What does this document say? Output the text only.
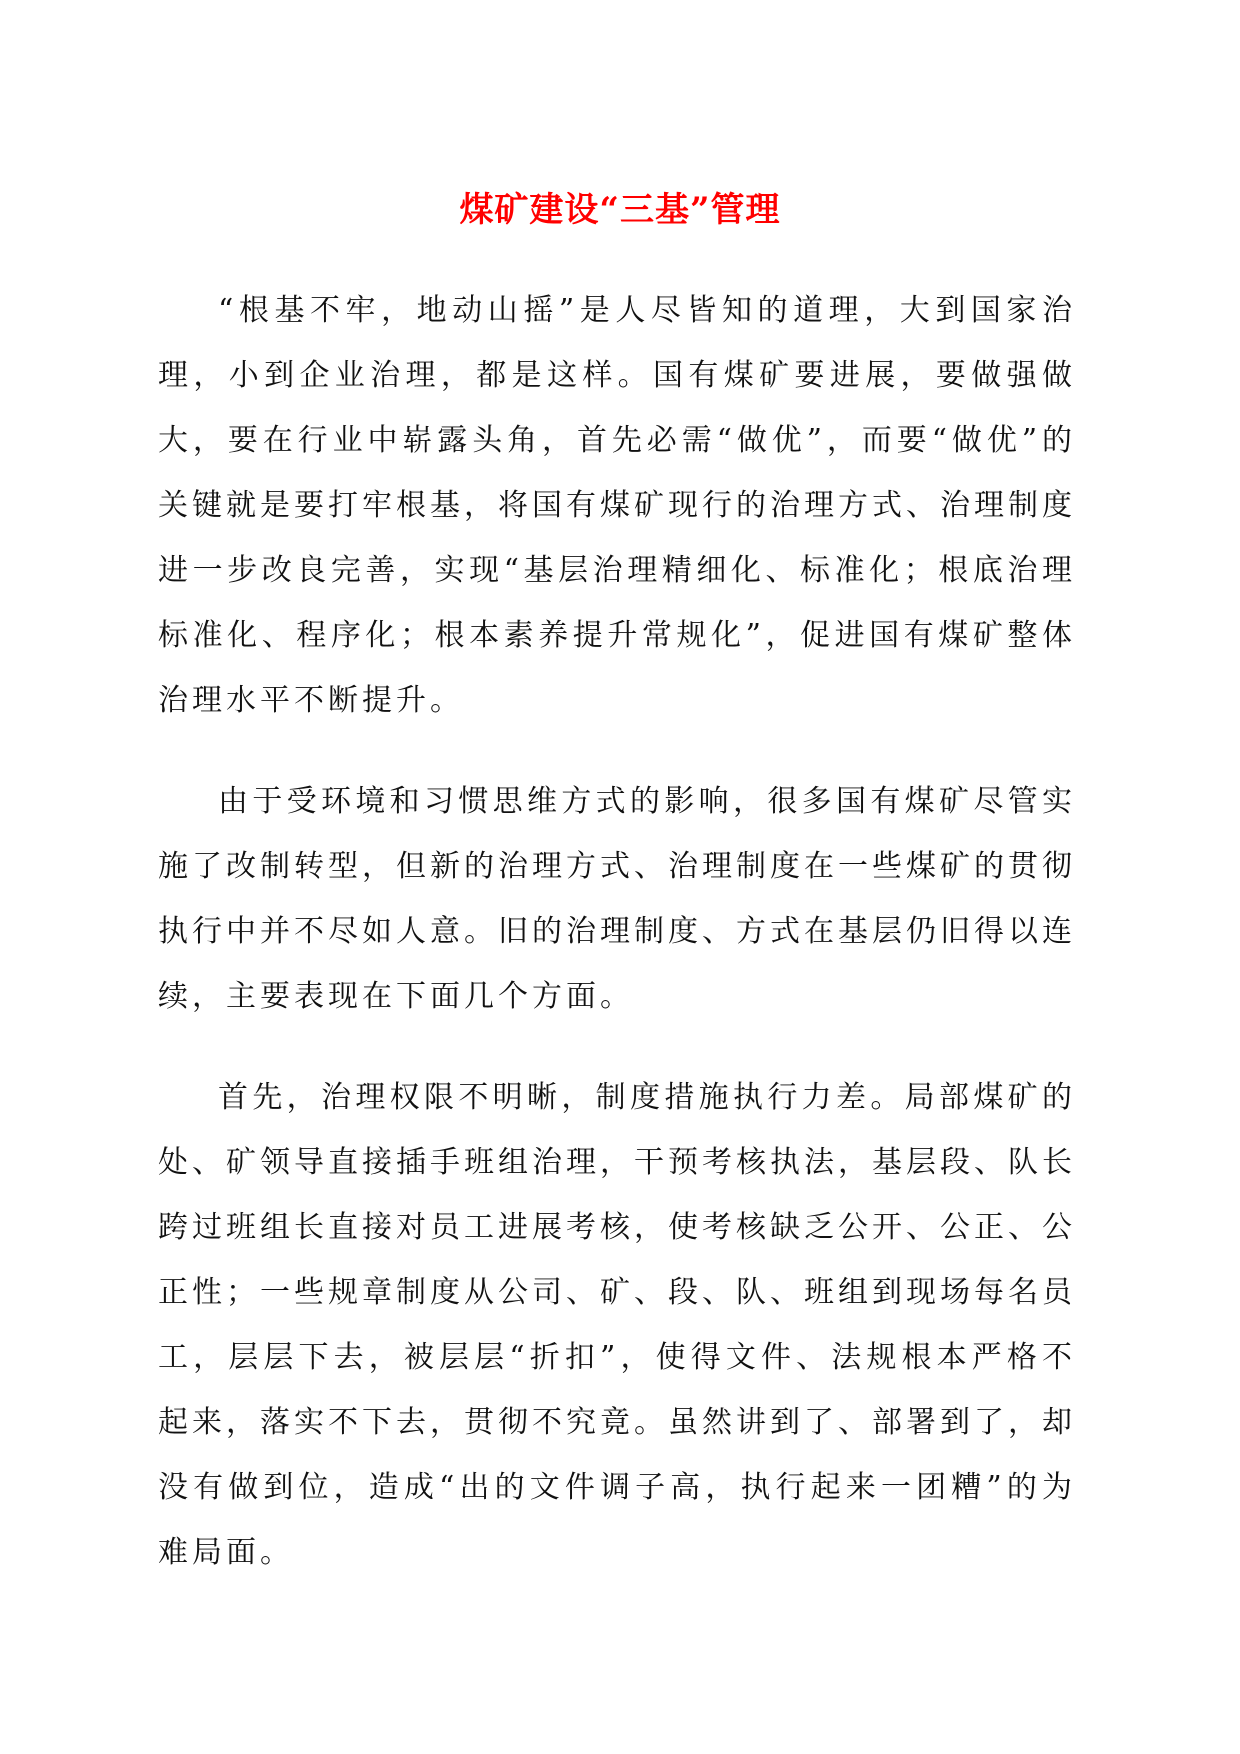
煤矿建设“三基”管理

“根基不牢，地动山摇”是人尽皆知的道理，大到国家治理，小到企业治理，都是这样。国有煤矿要进展，要做强做大，要在行业中崭露头角，首先必需“做优”，而要“做优”的关键就是要打牢根基，将国有煤矿现行的治理方式、治理制度进一步改良完善，实现“基层治理精细化、标准化；根底治理标准化、程序化；根本素养提升常规化”，促进国有煤矿整体治理水平不断提升。

由于受环境和习惯思维方式的影响，很多国有煤矿尽管实施了改制转型，但新的治理方式、治理制度在一些煤矿的贯彻执行中并不尽如人意。旧的治理制度、方式在基层仍旧得以连续，主要表现在下面几个方面。

首先，治理权限不明晰，制度措施执行力差。局部煤矿的处、矿领导直接插手班组治理，干预考核执法，基层段、队长跨过班组长直接对员工进展考核，使考核缺乏公开、公正、公正性；一些规章制度从公司、矿、段、队、班组到现场每名员工，层层下去，被层层“折扣”，使得文件、法规根本严格不起来，落实不下去，贯彻不究竟。虽然讲到了、部署到了，却没有做到位，造成“出的文件调子高，执行起来一团糟”的为难局面。
